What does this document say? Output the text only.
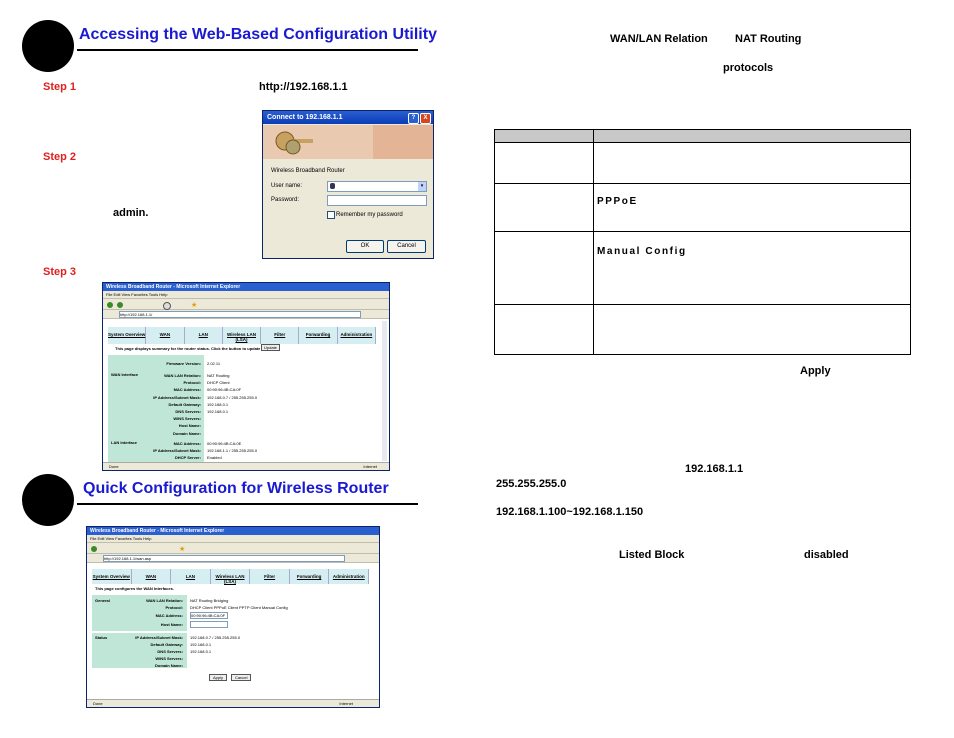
Accessing the Web-Based Configuration Utility
Step 1	http://192.168.1.1
Step 2
admin.
Step 3
Connect to 192.168.1.1	?	X
Wireless Broadband Router
User name:	▾
Password:
Remember my password
OK	Cancel
Wireless Broadband Router - Microsoft Internet Explorer
File Edit View Favorites Tools Help
★
http://192.168.1.1/
System Overview	WAN	LAN	Wireless LAN (LSA)
Filter	Forwarding	Administration
This page displays summary for the router status. Click the button to update Update
Firmware Version: 2.02.11
WAN Interface
LAN Interface
Done	Internet
WAN LAN Relation: NAT Routing
Protocol: DHCP Client
MAC Address: 00:90:96:4B:CA:0F
IP Address/Subnet Mask: 192.168.0.7 / 255.255.255.0
Default Gateway: 192.168.0.1
DNS Servers: 192.168.0.1
WINS Servers:
Host Name:
Domain Name:
MAC Address: 00:90:96:4B:CA:0E
IP Address/Subnet Mask: 192.168.1.1 / 255.255.255.0
DHCP Server: Enabled
Quick Configuration for Wireless Router
Wireless Broadband Router - Microsoft Internet Explorer
File Edit View Favorites Tools Help
★
http://192.168.1.1/wan.asp
System Overview	WAN	LAN	Wireless LAN (LSA)
Filter	Forwarding	Administration
This page configures the WAN Interfaces.
General	WAN LAN Relation: NAT Routing Bridging
Protocol: DHCP Client PPPoE Client PPTP Client Manual Config
MAC Address: 00:90:96:4B:CA:0F
Host Name:
Status
Apply	Cancel
Done	Internet
IP Address/Subnet Mask: 192.168.0.7 / 255.255.255.0
Default Gateway: 192.168.0.1
DNS Servers: 192.168.0.1
WINS Servers:
Domain Name:
WAN/LAN Relation NAT Routing
protocols

	PPPoE

	Manual Config

Apply
192.168.1.1
255.255.255.0
192.168.1.100~192.168.1.150
Listed Block	disabled
